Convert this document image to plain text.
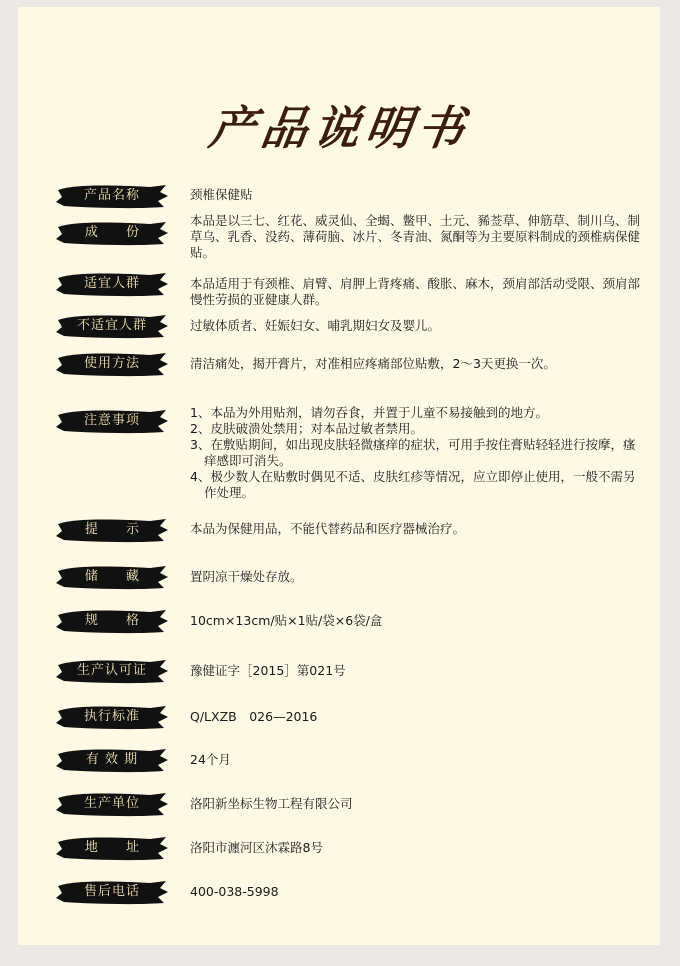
产品说明书
产品名称	颈椎保健贴
成 份
本品是以三七、红花、威灵仙、全蝎、鳖甲、土元、豨莶草、伸筋草、制川乌、制草乌、乳香、没药、薄荷脑、冰片、冬青油、氮酮等为主要原料制成的颈椎病保健贴。
适宜人群	本品适用于有颈椎、肩臂、肩胛上背疼痛、酸胀、麻木，颈肩部活动受限、颈肩部慢性劳损的亚健康人群。
不适宜人群	过敏体质者、妊娠妇女、哺乳期妇女及婴儿。
使用方法	清洁痛处，揭开膏片，对准相应疼痛部位贴敷，2～3天更换一次。
注意事项
1、本品为外用贴剂，请勿吞食，并置于儿童不易接触到的地方。
2、皮肤破溃处禁用；对本品过敏者禁用。
3、在敷贴期间，如出现皮肤轻微瘙痒的症状，可用手按住膏贴轻轻进行按摩，瘙痒感即可消失。
4、极少数人在贴敷时偶见不适、皮肤红疹等情况，应立即停止使用，一般不需另作处理。
提 示	本品为保健用品，不能代替药品和医疗器械治疗。
储 藏	置阴凉干燥处存放。
规 格	10cm×13cm/贴×1贴/袋×6袋/盒
生产认可证	豫健证字［2015］第021号
执行标准	Q/LXZB　026—2016
有 效 期	24个月
生产单位	洛阳新坐标生物工程有限公司
地 址	洛阳市瀍河区沐霖路8号
售后电话	400-038-5998
